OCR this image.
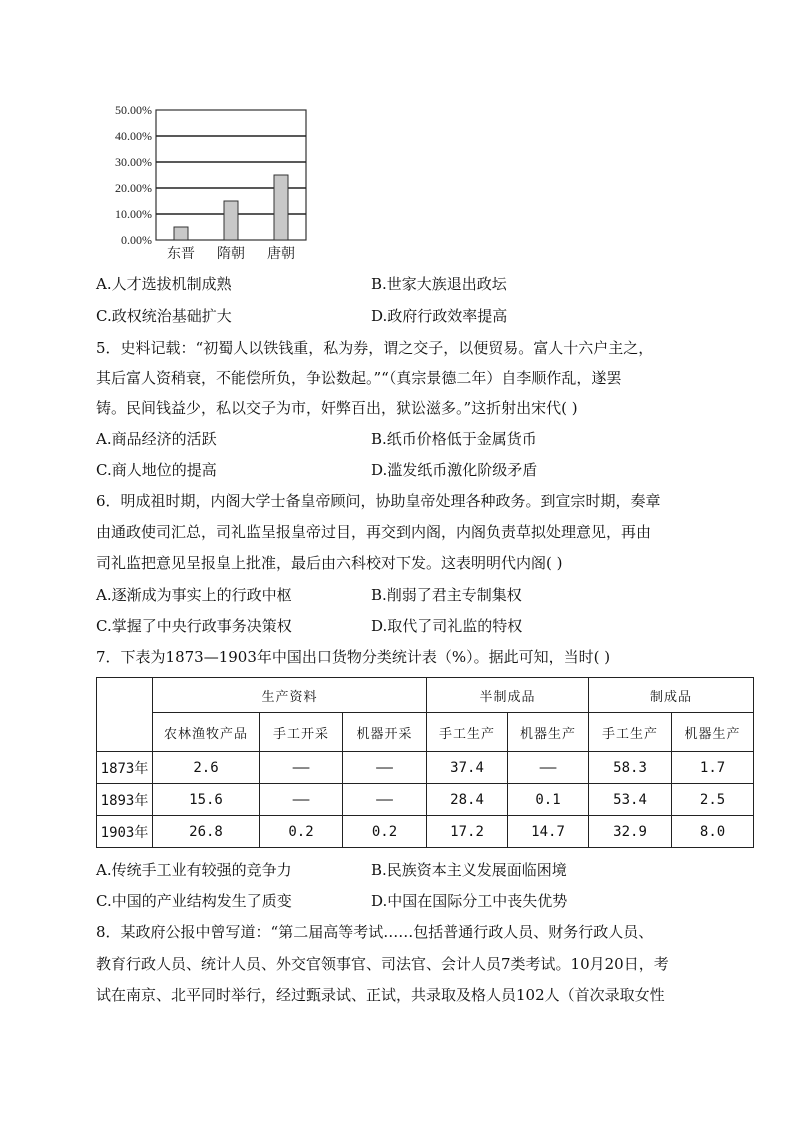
50.00%
40.00%
30.00%
20.00%
10.00%
0.00%
东晋 隋朝 唐朝
A.人才选拔机制成熟	B.世家大族退出政坛
C.政权统治基础扩大	D.政府行政效率提高
5．史料记载：“初蜀人以铁钱重，私为券，谓之交子，以便贸易。富人十六户主之，
其后富人资稍衰，不能偿所负，争讼数起。”“（真宗景德二年）自李顺作乱，遂罢
铸。民间钱益少，私以交子为市，奸弊百出，狱讼滋多。”这折射出宋代( )
A.商品经济的活跃	B.纸币价格低于金属货币
C.商人地位的提高	D.滥发纸币激化阶级矛盾
6．明成祖时期，内阁大学士备皇帝顾问，协助皇帝处理各种政务。到宣宗时期，奏章
由通政使司汇总，司礼监呈报皇帝过目，再交到内阁，内阁负责草拟处理意见，再由
司礼监把意见呈报皇上批准，最后由六科校对下发。这表明明代内阁( )
A.逐渐成为事实上的行政中枢	B.削弱了君主专制集权
C.掌握了中央行政事务决策权	D.取代了司礼监的特权
7．下表为1873—1903年中国出口货物分类统计表（%）。据此可知，当时( )
	生产资料			半制成品		制成品	
	农林渔牧产品	手工开采	机器开采	手工生产	机器生产	手工生产	机器生产
1873年	2.6	——	——	37.4	——	58.3	1.7
1893年	15.6	——	——	28.4	0.1	53.4	2.5
1903年	26.8	0.2	0.2	17.2	14.7	32.9	8.0
A.传统手工业有较强的竞争力	B.民族资本主义发展面临困境
C.中国的产业结构发生了质变	D.中国在国际分工中丧失优势
8．某政府公报中曾写道：“第二届高等考试……包括普通行政人员、财务行政人员、
教育行政人员、统计人员、外交官领事官、司法官、会计人员7类考试。10月20日，考
试在南京、北平同时举行，经过甄录试、正试，共录取及格人员102人（首次录取女性
